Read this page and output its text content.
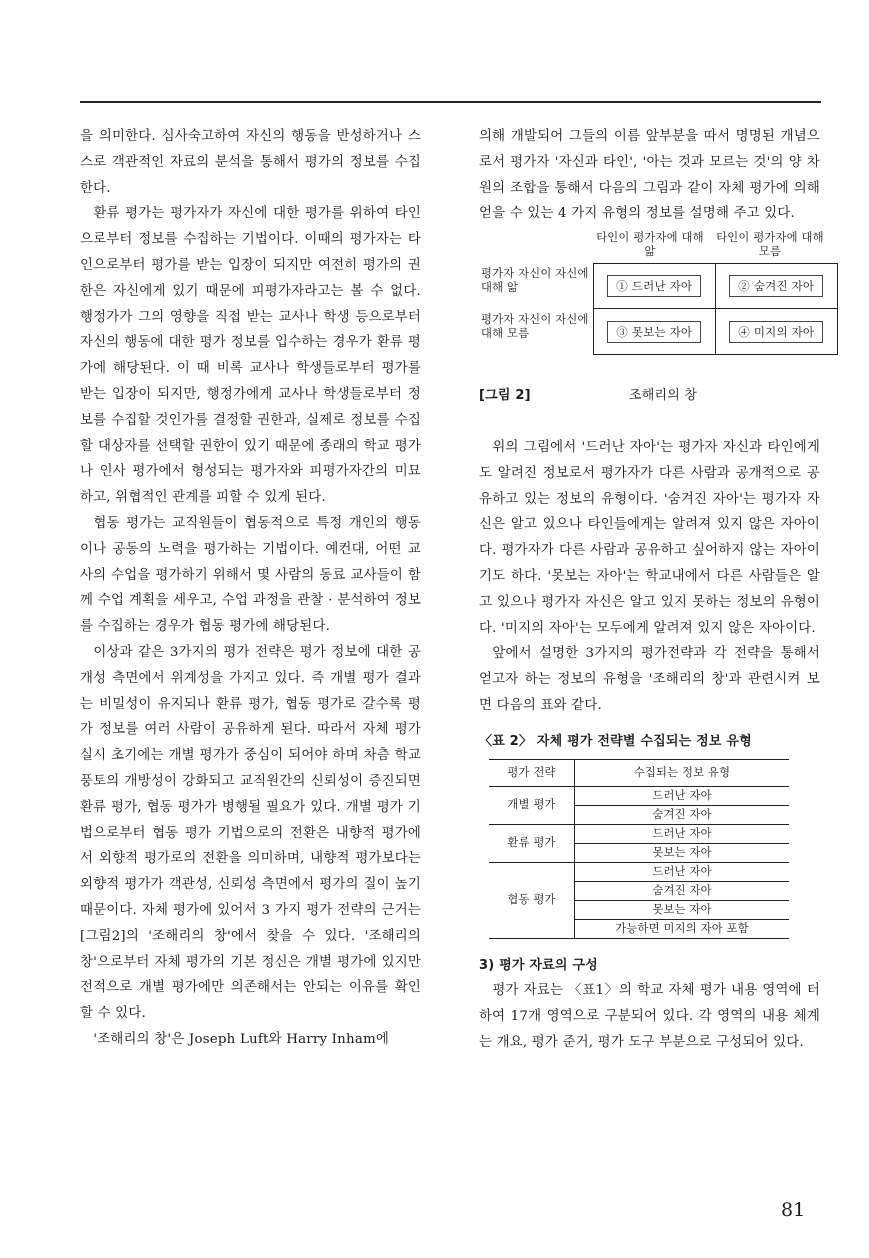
을 의미한다. 심사숙고하여 자신의 행동을 반성하거나 스스로 객관적인 자료의 분석을 통해서 평가의 정보를 수집한다.

환류 평가는 평가자가 자신에 대한 평가를 위하여 타인으로부터 정보를 수집하는 기법이다. 이때의 평가자는 타인으로부터 평가를 받는 입장이 되지만 여전히 평가의 권한은 자신에게 있기 때문에 피평가자라고는 볼 수 없다. 행정가가 그의 영향을 직접 받는 교사나 학생 등으로부터 자신의 행동에 대한 평가 정보를 입수하는 경우가 환류 평가에 해당된다. 이 때 비록 교사나 학생들로부터 평가를 받는 입장이 되지만, 행정가에게 교사나 학생들로부터 정보를 수집할 것인가를 결정할 권한과, 실제로 정보를 수집할 대상자를 선택할 권한이 있기 때문에 종래의 학교 평가나 인사 평가에서 형성되는 평가자와 피평가자간의 미묘하고, 위협적인 관계를 피할 수 있게 된다.

협동 평가는 교직원들이 협동적으로 특정 개인의 행동이나 공동의 노력을 평가하는 기법이다. 예컨대, 어떤 교사의 수업을 평가하기 위해서 몇 사람의 동료 교사들이 함께 수업 계획을 세우고, 수업 과정을 관찰 · 분석하여 정보를 수집하는 경우가 협동 평가에 해당된다.

이상과 같은 3가지의 평가 전략은 평가 정보에 대한 공개성 측면에서 위계성을 가지고 있다. 즉 개별 평가 결과는 비밀성이 유지되나 환류 평가, 협동 평가로 갈수록 평가 정보를 여러 사람이 공유하게 된다. 따라서 자체 평가 실시 초기에는 개별 평가가 중심이 되어야 하며 차츰 학교 풍토의 개방성이 강화되고 교직원간의 신뢰성이 증진되면 환류 평가, 협동 평가가 병행될 필요가 있다. 개별 평가 기법으로부터 협동 평가 기법으로의 전환은 내향적 평가에서 외향적 평가로의 전환을 의미하며, 내향적 평가보다는 외향적 평가가 객관성, 신뢰성 측면에서 평가의 질이 높기 때문이다. 자체 평가에 있어서 3 가지 평가 전략의 근거는 [그림2]의 '조해리의 창'에서 찾을 수 있다. '조해리의 창'으로부터 자체 평가의 기본 정신은 개별 평가에 있지만 전적으로 개별 평가에만 의존해서는 안되는 이유를 확인할 수 있다.

'조해리의 창'은 Joseph Luft와 Harry Inham에

의해 개발되어 그들의 이름 앞부분을 따서 명명된 개념으로서 평가자 '자신과 타인', '아는 것과 모르는 것'의 양 차원의 조합을 통해서 다음의 그림과 같이 자체 평가에 의해 얻을 수 있는 4 가지 유형의 정보를 설명해 주고 있다.

타인이 평가자에 대해 앎
타인이 평가자에 대해 모름
평가자 자신이 자신에 대해 앎
평가자 자신이 자신에 대해 모름
① 드러난 자아	② 숨겨진 자아
③ 못보는 자아	④ 미지의 자아
[그림 2]	조해리의 창

위의 그림에서 '드러난 자아'는 평가자 자신과 타인에게도 알려진 정보로서 평가자가 다른 사람과 공개적으로 공유하고 있는 정보의 유형이다. '숨겨진 자아'는 평가자 자신은 알고 있으나 타인들에게는 알려져 있지 않은 자아이다. 평가자가 다른 사람과 공유하고 싶어하지 않는 자아이기도 하다. '못보는 자아'는 학교내에서 다른 사람들은 알고 있으나 평가자 자신은 알고 있지 못하는 정보의 유형이다. '미지의 자아'는 모두에게 알려져 있지 않은 자아이다.

앞에서 설명한 3가지의 평가전략과 각 전략을 통해서 얻고자 하는 정보의 유형을 '조해리의 창'과 관련시켜 보면 다음의 표와 같다.

〈표 2〉 자체 평가 전략별 수집되는 정보 유형
평가 전략	수집되는 정보 유형
개별 평가	드러난 자아
	숨겨진 자아
환류 평가	드러난 자아
	못보는 자아
협동 평가	드러난 자아
	숨겨진 자아
	못보는 자아
	가능하면 미지의 자아 포함
3) 평가 자료의 구성

평가 자료는 〈표1〉의 학교 자체 평가 내용 영역에 터하여 17개 영역으로 구분되어 있다. 각 영역의 내용 체계는 개요, 평가 준거, 평가 도구 부분으로 구성되어 있다.

81
